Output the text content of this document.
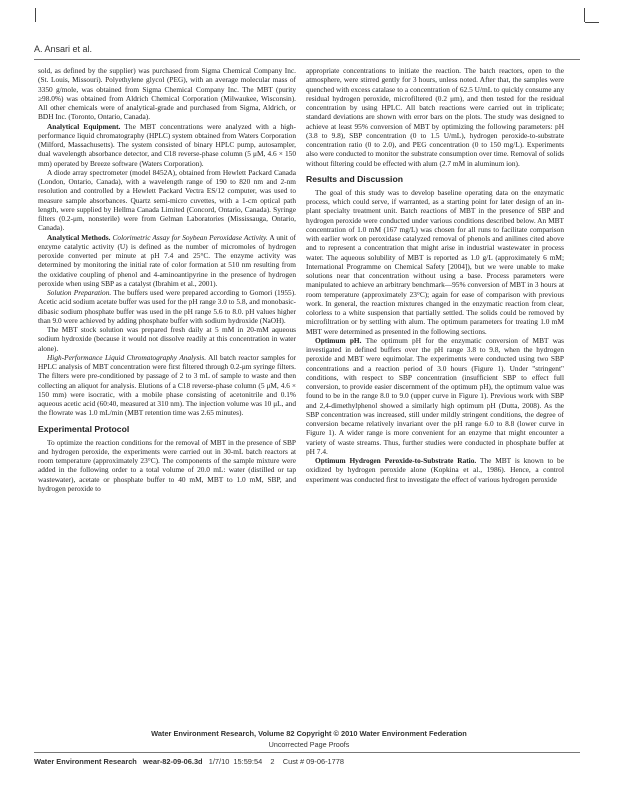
A. Ansari et al.

sold, as defined by the supplier) was purchased from Sigma Chemical Company Inc. (St. Louis, Missouri). Polyethylene glycol (PEG), with an average molecular mass of 3350 g/mole, was obtained from Sigma Chemical Company Inc. The MBT (purity ≥98.0%) was obtained from Aldrich Chemical Corporation (Milwaukee, Wisconsin). All other chemicals were of analytical-grade and purchased from Sigma, Aldrich, or BDH Inc. (Toronto, Ontario, Canada).

Analytical Equipment. The MBT concentrations were analyzed with a high-performance liquid chromatography (HPLC) system obtained from Waters Corporation (Milford, Massachusetts). The system consisted of binary HPLC pump, autosampler, dual wavelength absorbance detector, and C18 reverse-phase column (5 μM, 4.6 × 150 mm) operated by Breeze software (Waters Corporation).

A diode array spectrometer (model 8452A), obtained from Hewlett Packard Canada (London, Ontario, Canada), with a wavelength range of 190 to 820 nm and 2-nm resolution and controlled by a Hewlett Packard Vectra ES/12 computer, was used to measure sample absorbances. Quartz semi-micro cuvettes, with a 1-cm optical path length, were supplied by Hellma Canada Limited (Concord, Ontario, Canada). Syringe filters (0.2-μm, nonsterile) were from Gelman Laboratories (Mississauga, Ontario, Canada).

Analytical Methods. Colorimetric Assay for Soybean Peroxidase Activity. A unit of enzyme catalytic activity (U) is defined as the number of micromoles of hydrogen peroxide converted per minute at pH 7.4 and 25°C. The enzyme activity was determined by monitoring the initial rate of color formation at 510 nm resulting from the oxidative coupling of phenol and 4-aminoantipyrine in the presence of hydrogen peroxide when using SBP as a catalyst (Ibrahim et al., 2001).

Solution Preparation. The buffers used were prepared according to Gomori (1955). Acetic acid sodium acetate buffer was used for the pH range 3.0 to 5.8, and monobasic-dibasic sodium phosphate buffer was used in the pH range 5.6 to 8.0. pH values higher than 9.0 were achieved by adding phosphate buffer with sodium hydroxide (NaOH).

The MBT stock solution was prepared fresh daily at 5 mM in 20-mM aqueous sodium hydroxide (because it would not dissolve readily at this concentration in water alone).

High-Performance Liquid Chromatography Analysis. All batch reactor samples for HPLC analysis of MBT concentration were first filtered through 0.2-μm syringe filters. The filters were pre-conditioned by passage of 2 to 3 mL of sample to waste and then collecting an aliquot for analysis. Elutions of a C18 reverse-phase column (5 μM, 4.6 × 150 mm) were isocratic, with a mobile phase consisting of acetonitrile and 0.1% aqueous acetic acid (60:40, measured at 310 nm). The injection volume was 10 μL, and the flowrate was 1.0 mL/min (MBT retention time was 2.65 minutes).

Experimental Protocol

To optimize the reaction conditions for the removal of MBT in the presence of SBP and hydrogen peroxide, the experiments were carried out in 30-mL batch reactors at room temperature (approximately 23°C). The components of the sample mixture were added in the following order to a total volume of 20.0 mL: water (distilled or tap wastewater), acetate or phosphate buffer to 40 mM, MBT to 1.0 mM, SBP, and hydrogen peroxide to

appropriate concentrations to initiate the reaction. The batch reactors, open to the atmosphere, were stirred gently for 3 hours, unless noted. After that, the samples were quenched with excess catalase to a concentration of 62.5 U/mL to quickly consume any residual hydrogen peroxide, microfiltered (0.2 μm), and then tested for the residual concentration by using HPLC. All batch reactions were carried out in triplicate; standard deviations are shown with error bars on the plots. The study was designed to achieve at least 95% conversion of MBT by optimizing the following parameters: pH (3.8 to 9.8), SBP concentration (0 to 1.5 U/mL), hydrogen peroxide-to-substrate concentration ratio (0 to 2.0), and PEG concentration (0 to 150 mg/L). Experiments also were conducted to monitor the substrate consumption over time. Removal of solids without filtering could be effected with alum (2.7 mM in aluminum ion).

Results and Discussion

The goal of this study was to develop baseline operating data on the enzymatic process, which could serve, if warranted, as a starting point for later design of an in-plant specialty treatment unit. Batch reactions of MBT in the presence of SBP and hydrogen peroxide were conducted under various conditions described below. An MBT concentration of 1.0 mM (167 mg/L) was chosen for all runs to facilitate comparison with earlier work on peroxidase catalyzed removal of phenols and anilines cited above and to represent a concentration that might arise in industrial wastewater in process water. The aqueous solubility of MBT is reported as 1.0 g/L (approximately 6 mM; International Programme on Chemical Safety [2004]), but we were unable to make solutions near that concentration without using a base. Process parameters were manipulated to achieve an arbitrary benchmark—95% conversion of MBT in 3 hours at room temperature (approximately 23°C); again for ease of comparison with previous work. In general, the reaction mixtures changed in the enzymatic reaction from clear, colorless to a white suspension that partially settled. The solids could be removed by microfiltration or by settling with alum. The optimum parameters for treating 1.0 mM MBT were determined as presented in the following sections.

Optimum pH. The optimum pH for the enzymatic conversion of MBT was investigated in defined buffers over the pH range 3.8 to 9.8, when the hydrogen peroxide and MBT were equimolar. The experiments were conducted using two SBP concentrations and a reaction period of 3.0 hours (Figure 1). Under "stringent" conditions, with respect to SBP concentration (insufficient SBP to effect full conversion, to provide easier discernment of the optimum pH), the optimum value was found to be in the range 8.0 to 9.0 (upper curve in Figure 1). Previous work with SBP and 2,4-dimethylphenol showed a similarly high optimum pH (Dutta, 2008). As the SBP concentration was increased, still under mildly stringent conditions, the degree of conversion became relatively invariant over the pH range 6.0 to 8.8 (lower curve in Figure 1). A wider range is more convenient for an enzyme that might encounter a variety of waste streams. Thus, further studies were conducted in phosphate buffer at pH 7.4.

Optimum Hydrogen Peroxide-to-Substrate Ratio. The MBT is known to be oxidized by hydrogen peroxide alone (Kopkina et al., 1986). Hence, a control experiment was conducted first to investigate the effect of various hydrogen peroxide

Water Environment Research, Volume 82 Copyright © 2010 Water Environment Federation
Uncorrected Page Proofs
Water Environment Research wear-82-09-06.3d 1/7/10 15:59:54 2 Cust # 09-06-1778
